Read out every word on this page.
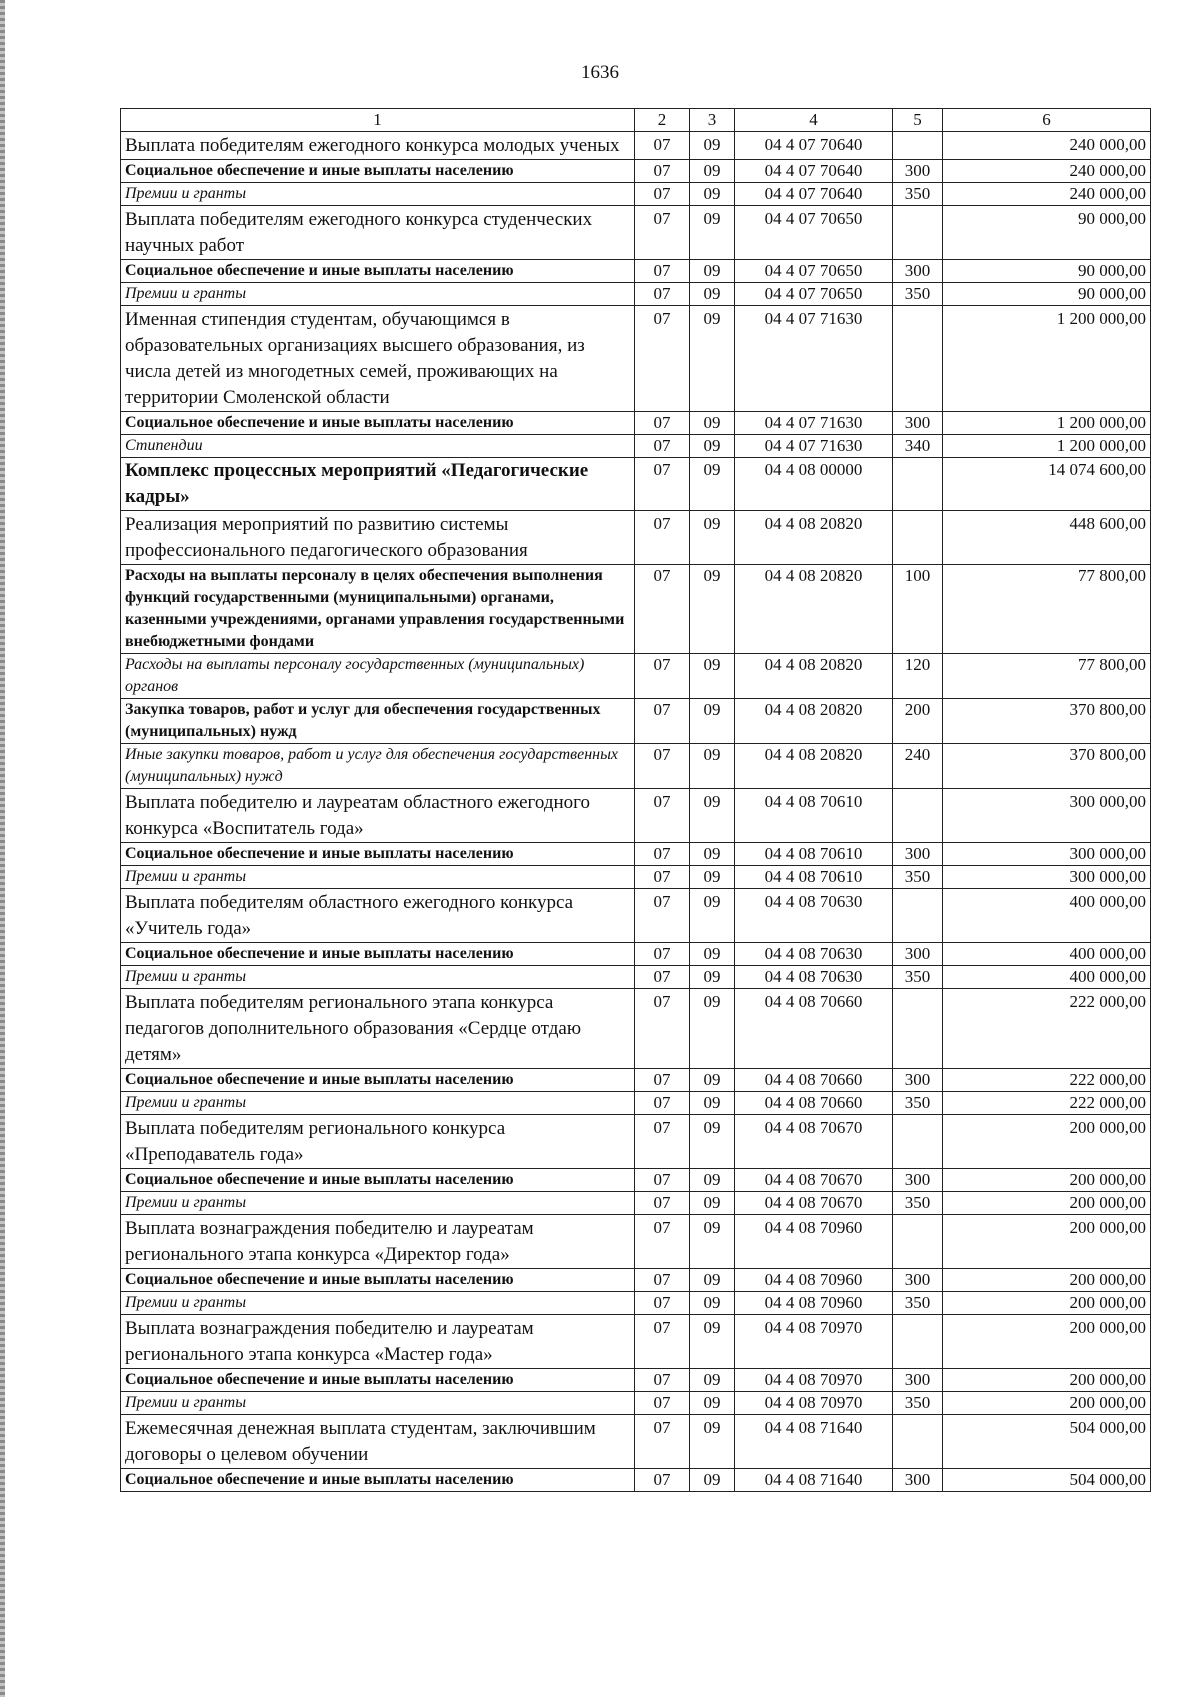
1636
1	2	3	4	5	6
Выплата победителям ежегодного конкурса молодых ученых	07	09	04 4 07 70640		240 000,00
Социальное обеспечение и иные выплаты населению	07	09	04 4 07 70640	300	240 000,00
Премии и гранты	07	09	04 4 07 70640	350	240 000,00
Выплата победителям ежегодного конкурса студенческих научных работ	07	09	04 4 07 70650		90 000,00
Социальное обеспечение и иные выплаты населению	07	09	04 4 07 70650	300	90 000,00
Премии и гранты	07	09	04 4 07 70650	350	90 000,00
Именная стипендия студентам, обучающимся в образовательных организациях высшего образования, из числа детей из многодетных семей, проживающих на территории Смоленской области	07	09	04 4 07 71630		1 200 000,00
Социальное обеспечение и иные выплаты населению	07	09	04 4 07 71630	300	1 200 000,00
Стипендии	07	09	04 4 07 71630	340	1 200 000,00
Комплекс процессных мероприятий «Педагогические кадры»	07	09	04 4 08 00000		14 074 600,00
Реализация мероприятий по развитию системы профессионального педагогического образования	07	09	04 4 08 20820		448 600,00
Расходы на выплаты персоналу в целях обеспечения выполнения функций государственными (муниципальными) органами, казенными учреждениями, органами управления государственными внебюджетными фондами	07	09	04 4 08 20820	100	77 800,00
Расходы на выплаты персоналу государственных (муниципальных) органов	07	09	04 4 08 20820	120	77 800,00
Закупка товаров, работ и услуг для обеспечения государственных (муниципальных) нужд	07	09	04 4 08 20820	200	370 800,00
Иные закупки товаров, работ и услуг для обеспечения государственных (муниципальных) нужд	07	09	04 4 08 20820	240	370 800,00
Выплата победителю и лауреатам областного ежегодного конкурса «Воспитатель года»	07	09	04 4 08 70610		300 000,00
Социальное обеспечение и иные выплаты населению	07	09	04 4 08 70610	300	300 000,00
Премии и гранты	07	09	04 4 08 70610	350	300 000,00
Выплата победителям областного ежегодного конкурса «Учитель года»	07	09	04 4 08 70630		400 000,00
Социальное обеспечение и иные выплаты населению	07	09	04 4 08 70630	300	400 000,00
Премии и гранты	07	09	04 4 08 70630	350	400 000,00
Выплата победителям регионального этапа конкурса педагогов дополнительного образования «Сердце отдаю детям»	07	09	04 4 08 70660		222 000,00
Социальное обеспечение и иные выплаты населению	07	09	04 4 08 70660	300	222 000,00
Премии и гранты	07	09	04 4 08 70660	350	222 000,00
Выплата победителям регионального конкурса «Преподаватель года»	07	09	04 4 08 70670		200 000,00
Социальное обеспечение и иные выплаты населению	07	09	04 4 08 70670	300	200 000,00
Премии и гранты	07	09	04 4 08 70670	350	200 000,00
Выплата вознаграждения победителю и лауреатам регионального этапа конкурса «Директор года»	07	09	04 4 08 70960		200 000,00
Социальное обеспечение и иные выплаты населению	07	09	04 4 08 70960	300	200 000,00
Премии и гранты	07	09	04 4 08 70960	350	200 000,00
Выплата вознаграждения победителю и лауреатам регионального этапа конкурса «Мастер года»	07	09	04 4 08 70970		200 000,00
Социальное обеспечение и иные выплаты населению	07	09	04 4 08 70970	300	200 000,00
Премии и гранты	07	09	04 4 08 70970	350	200 000,00
Ежемесячная денежная выплата студентам, заключившим договоры о целевом обучении	07	09	04 4 08 71640		504 000,00
Социальное обеспечение и иные выплаты населению	07	09	04 4 08 71640	300	504 000,00
